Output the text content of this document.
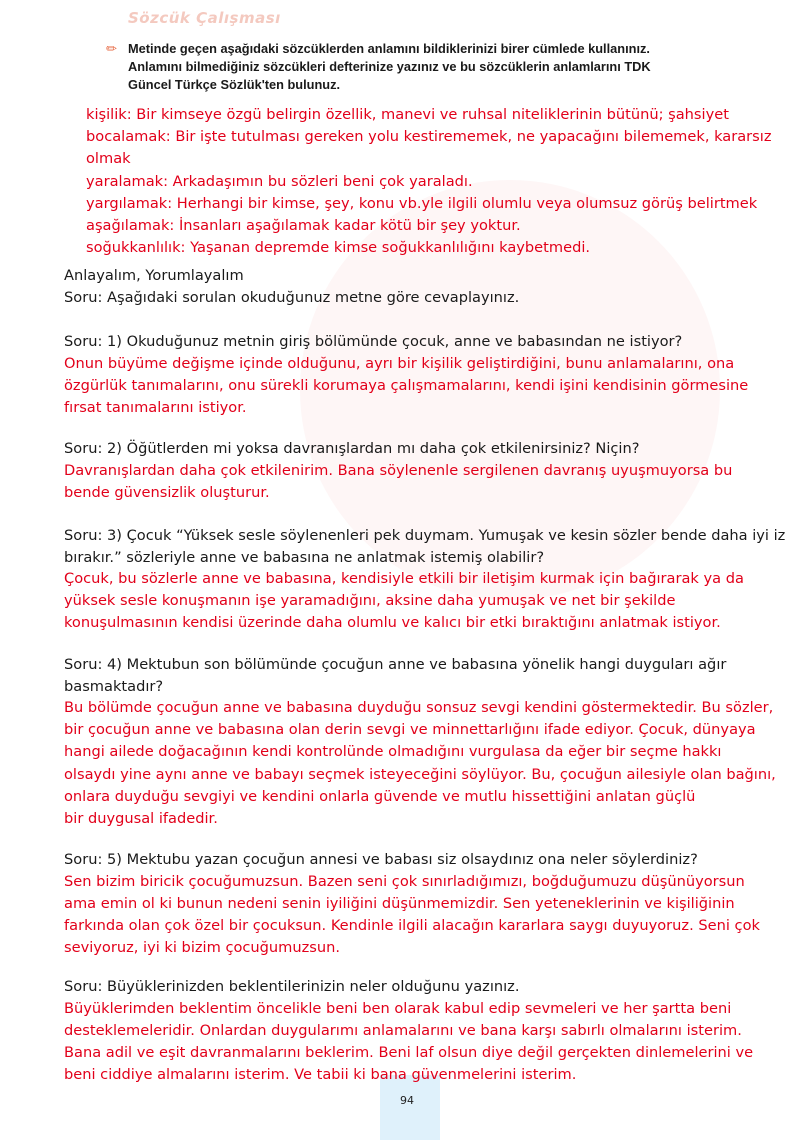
Sözcük Çalışması
✏ Metinde geçen aşağıdaki sözcüklerden anlamını bildiklerinizi birer cümlede kullanınız.
Anlamını bilmediğiniz sözcükleri defterinize yazınız ve bu sözcüklerin anlamlarını TDK
Güncel Türkçe Sözlük'ten bulunuz.
kişilik: Bir kimseye özgü belirgin özellik, manevi ve ruhsal niteliklerinin bütünü; şahsiyet
bocalamak: Bir işte tutulması gereken yolu kestirememek, ne yapacağını bilememek, kararsız
olmak
yaralamak: Arkadaşımın bu sözleri beni çok yaraladı.
yargılamak: Herhangi bir kimse, şey, konu vb.yle ilgili olumlu veya olumsuz görüş belirtmek
aşağılamak: İnsanları aşağılamak kadar kötü bir şey yoktur.
soğukkanlılık: Yaşanan depremde kimse soğukkanlılığını kaybetmedi.
Anlayalım, Yorumlayalım
Soru: Aşağıdaki sorulan okuduğunuz metne göre cevaplayınız.
Soru: 1) Okuduğunuz metnin giriş bölümünde çocuk, anne ve babasından ne istiyor?
Onun büyüme değişme içinde olduğunu, ayrı bir kişilik geliştirdiğini, bunu anlamalarını, ona
özgürlük tanımalarını, onu sürekli korumaya çalışmamalarını, kendi işini kendisinin görmesine
fırsat tanımalarını istiyor.
Soru: 2) Öğütlerden mi yoksa davranışlardan mı daha çok etkilenirsiniz? Niçin?
Davranışlardan daha çok etkilenirim. Bana söylenenle sergilenen davranış uyuşmuyorsa bu
bende güvensizlik oluşturur.
Soru: 3) Çocuk “Yüksek sesle söylenenleri pek duymam. Yumuşak ve kesin sözler bende daha iyi iz
bırakır.” sözleriyle anne ve babasına ne anlatmak istemiş olabilir?
Çocuk, bu sözlerle anne ve babasına, kendisiyle etkili bir iletişim kurmak için bağırarak ya da
yüksek sesle konuşmanın işe yaramadığını, aksine daha yumuşak ve net bir şekilde
konuşulmasının kendisi üzerinde daha olumlu ve kalıcı bir etki bıraktığını anlatmak istiyor.
Soru: 4) Mektubun son bölümünde çocuğun anne ve babasına yönelik hangi duyguları ağır
basmaktadır?
Bu bölümde çocuğun anne ve babasına duyduğu sonsuz sevgi kendini göstermektedir. Bu sözler,
bir çocuğun anne ve babasına olan derin sevgi ve minnettarlığını ifade ediyor. Çocuk, dünyaya
hangi ailede doğacağının kendi kontrolünde olmadığını vurgulasa da eğer bir seçme hakkı
olsaydı yine aynı anne ve babayı seçmek isteyeceğini söylüyor. Bu, çocuğun ailesiyle olan bağını,
onlara duyduğu sevgiyi ve kendini onlarla güvende ve mutlu hissettiğini anlatan güçlü
bir duygusal ifadedir.
Soru: 5) Mektubu yazan çocuğun annesi ve babası siz olsaydınız ona neler söylerdiniz?
Sen bizim biricik çocuğumuzsun. Bazen seni çok sınırladığımızı, boğduğumuzu düşünüyorsun
ama emin ol ki bunun nedeni senin iyiliğini düşünmemizdir. Sen yeteneklerinin ve kişiliğinin
farkında olan çok özel bir çocuksun. Kendinle ilgili alacağın kararlara saygı duyuyoruz. Seni çok
seviyoruz, iyi ki bizim çocuğumuzsun.
Soru: Büyüklerinizden beklentilerinizin neler olduğunu yazınız.
Büyüklerimden beklentim öncelikle beni ben olarak kabul edip sevmeleri ve her şartta beni
desteklemeleridir. Onlardan duygularımı anlamalarını ve bana karşı sabırlı olmalarını isterim.
Bana adil ve eşit davranmalarını beklerim. Beni laf olsun diye değil gerçekten dinlemelerini ve
beni ciddiye almalarını isterim. Ve tabii ki bana güvenmelerini isterim.
94
